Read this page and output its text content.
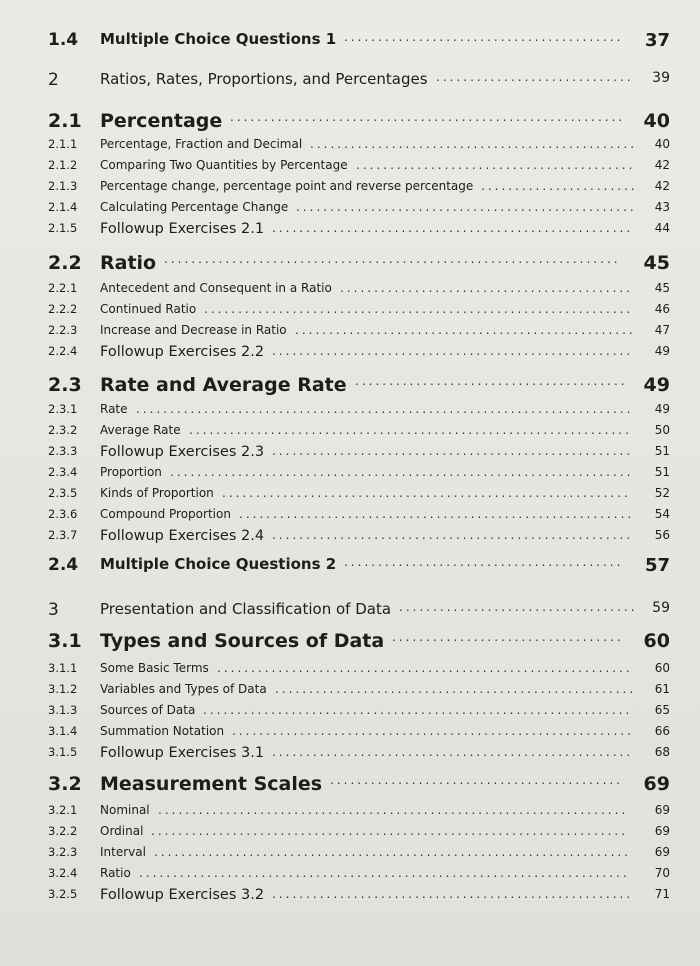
1.4 Multiple Choice Questions 1	37
.........................................
2	Ratios, Rates, Proportions, and Percentages	39
.............................
2.1 Percentage	40
..........................................................
2.1.1 Percentage, Fraction and Decimal	40
................................................
2.1.2 Comparing Two Quantities by Percentage	42
.........................................
2.1.3 Percentage change, percentage point and reverse percentage	42
.......................
2.1.4 Calculating Percentage Change	43
..................................................
2.1.5 Followup Exercises 2.1	44
.....................................................
2.2 Ratio	45
...................................................................
2.2.1 Antecedent and Consequent in a Ratio	45
...........................................
2.2.2 Continued Ratio	46
...............................................................
2.2.3 Increase and Decrease in Ratio	47
..................................................
2.2.4 Followup Exercises 2.2	49
.....................................................
2.3 Rate and Average Rate	49
........................................
2.3.1 Rate	49
.........................................................................
2.3.2 Average Rate	50
.................................................................
2.3.3 Followup Exercises 2.3	51
.....................................................
2.3.4 Proportion	51
....................................................................
2.3.5 Kinds of Proportion	52
............................................................
2.3.6 Compound Proportion	54
..........................................................
2.3.7 Followup Exercises 2.4	56
.....................................................
2.4 Multiple Choice Questions 2	57
.........................................
3	Presentation and Classification of Data	59
...................................
3.1 Types and Sources of Data	60
..................................
3.1.1 Some Basic Terms	60
.............................................................
3.1.2 Variables and Types of Data	61
.....................................................
3.1.3 Sources of Data	65
...............................................................
3.1.4 Summation Notation	66
...........................................................
3.1.5 Followup Exercises 3.1	68
.....................................................
3.2 Measurement Scales	69
...........................................
3.2.1 Nominal	69
.....................................................................
3.2.2 Ordinal	69
......................................................................
3.2.3 Interval	69
......................................................................
3.2.4 Ratio	70
........................................................................
3.2.5 Followup Exercises 3.2	71
.....................................................
